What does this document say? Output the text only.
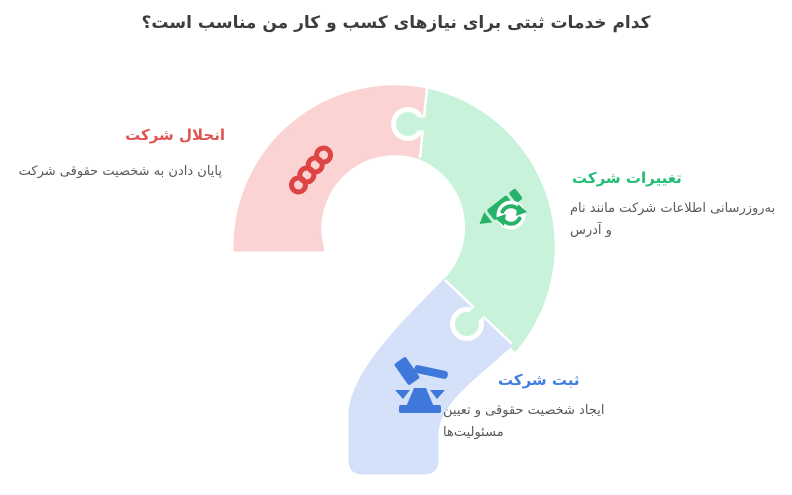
کدام خدمات ثبتی برای نیازهای کسب و کار من مناسب است؟
انحلال شرکت
پایان دادن به شخصیت حقوقی شرکت	تغییرات شرکت
به‌روزرسانی اطلاعات شرکت مانند نام و آدرس
ثبت شرکت
ایجاد شخصیت حقوقی و تعیین مسئولیت‌ها
